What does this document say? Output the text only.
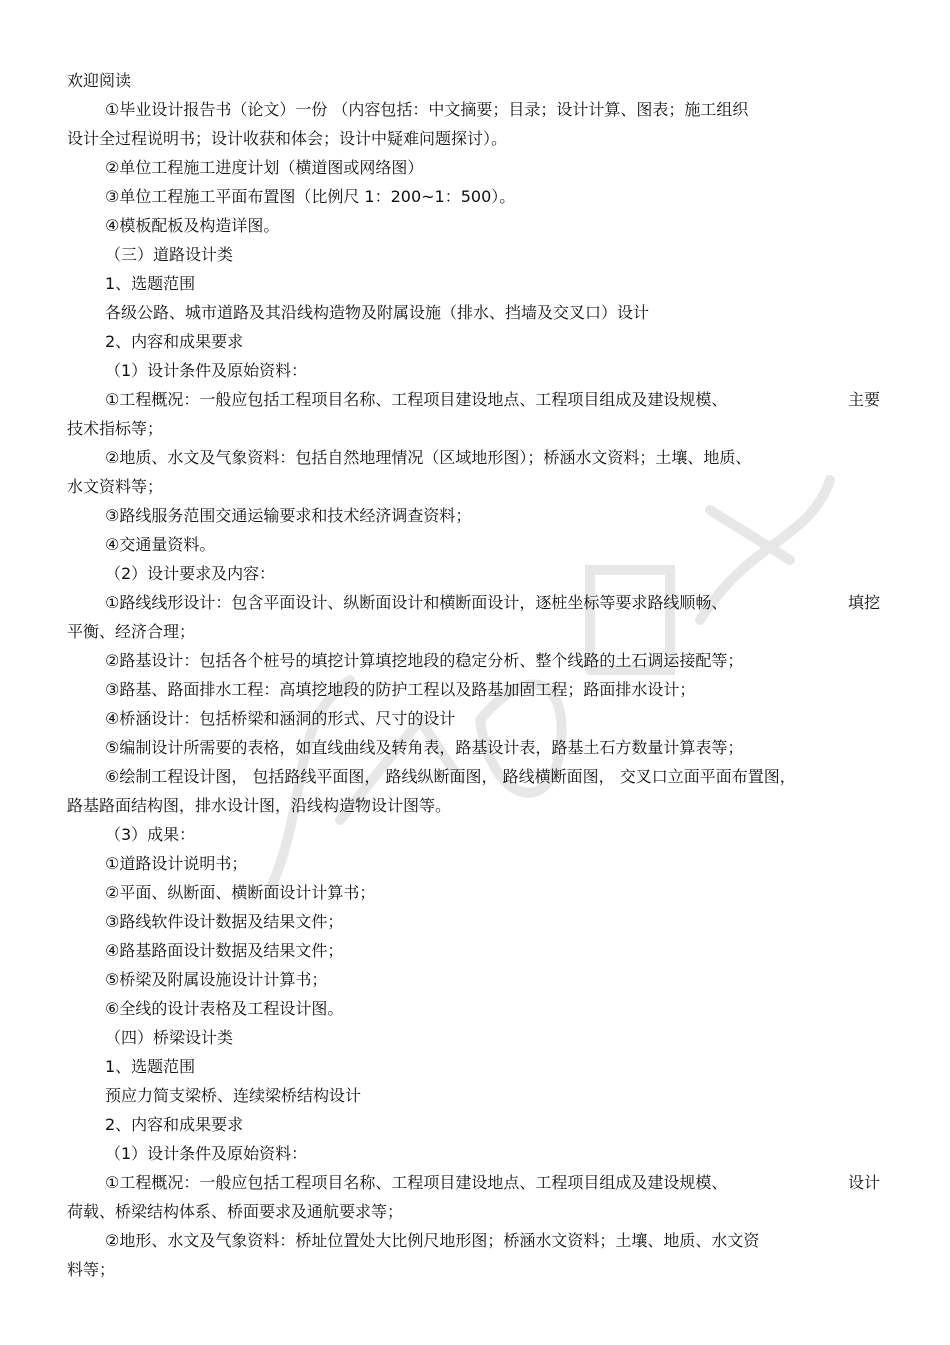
欢迎阅读
①毕业设计报告书（论文）一份 （内容包括：中文摘要；目录；设计计算、图表；施工组织
设计全过程说明书；设计收获和体会；设计中疑难问题探讨）。
②单位工程施工进度计划（横道图或网络图）
③单位工程施工平面布置图（比例尺 1：200~1：500）。
④模板配板及构造详图。
（三）道路设计类
1、选题范围
各级公路、城市道路及其沿线构造物及附属设施（排水、挡墙及交叉口）设计
2、内容和成果要求
（1）设计条件及原始资料：
①工程概况：一般应包括工程项目名称、工程项目建设地点、工程项目组成及建设规模、	主要
技术指标等；
②地质、水文及气象资料：包括自然地理情况（区域地形图）；桥涵水文资料；土壤、地质、
水文资料等；
③路线服务范围交通运输要求和技术经济调查资料；
④交通量资料。
（2）设计要求及内容：
①路线线形设计：包含平面设计、纵断面设计和横断面设计，逐桩坐标等要求路线顺畅、	填挖
平衡、经济合理；
②路基设计：包括各个桩号的填挖计算填挖地段的稳定分析、整个线路的土石调运接配等；
③路基、路面排水工程：高填挖地段的防护工程以及路基加固工程；路面排水设计；
④桥涵设计：包括桥梁和涵洞的形式、尺寸的设计
⑤编制设计所需要的表格，如直线曲线及转角表，路基设计表，路基土石方数量计算表等；
⑥绘制工程设计图， 包括路线平面图， 路线纵断面图， 路线横断面图， 交叉口立面平面布置图，
路基路面结构图，排水设计图，沿线构造物设计图等。
（3）成果：
①道路设计说明书；
②平面、纵断面、横断面设计计算书；
③路线软件设计数据及结果文件；
④路基路面设计数据及结果文件；
⑤桥梁及附属设施设计计算书；
⑥全线的设计表格及工程设计图。
（四）桥梁设计类
1、选题范围
预应力简支梁桥、连续梁桥结构设计
2、内容和成果要求
（1）设计条件及原始资料：
①工程概况：一般应包括工程项目名称、工程项目建设地点、工程项目组成及建设规模、	设计
荷载、桥梁结构体系、桥面要求及通航要求等；
②地形、水文及气象资料：桥址位置处大比例尺地形图；桥涵水文资料；土壤、地质、水文资
料等；
